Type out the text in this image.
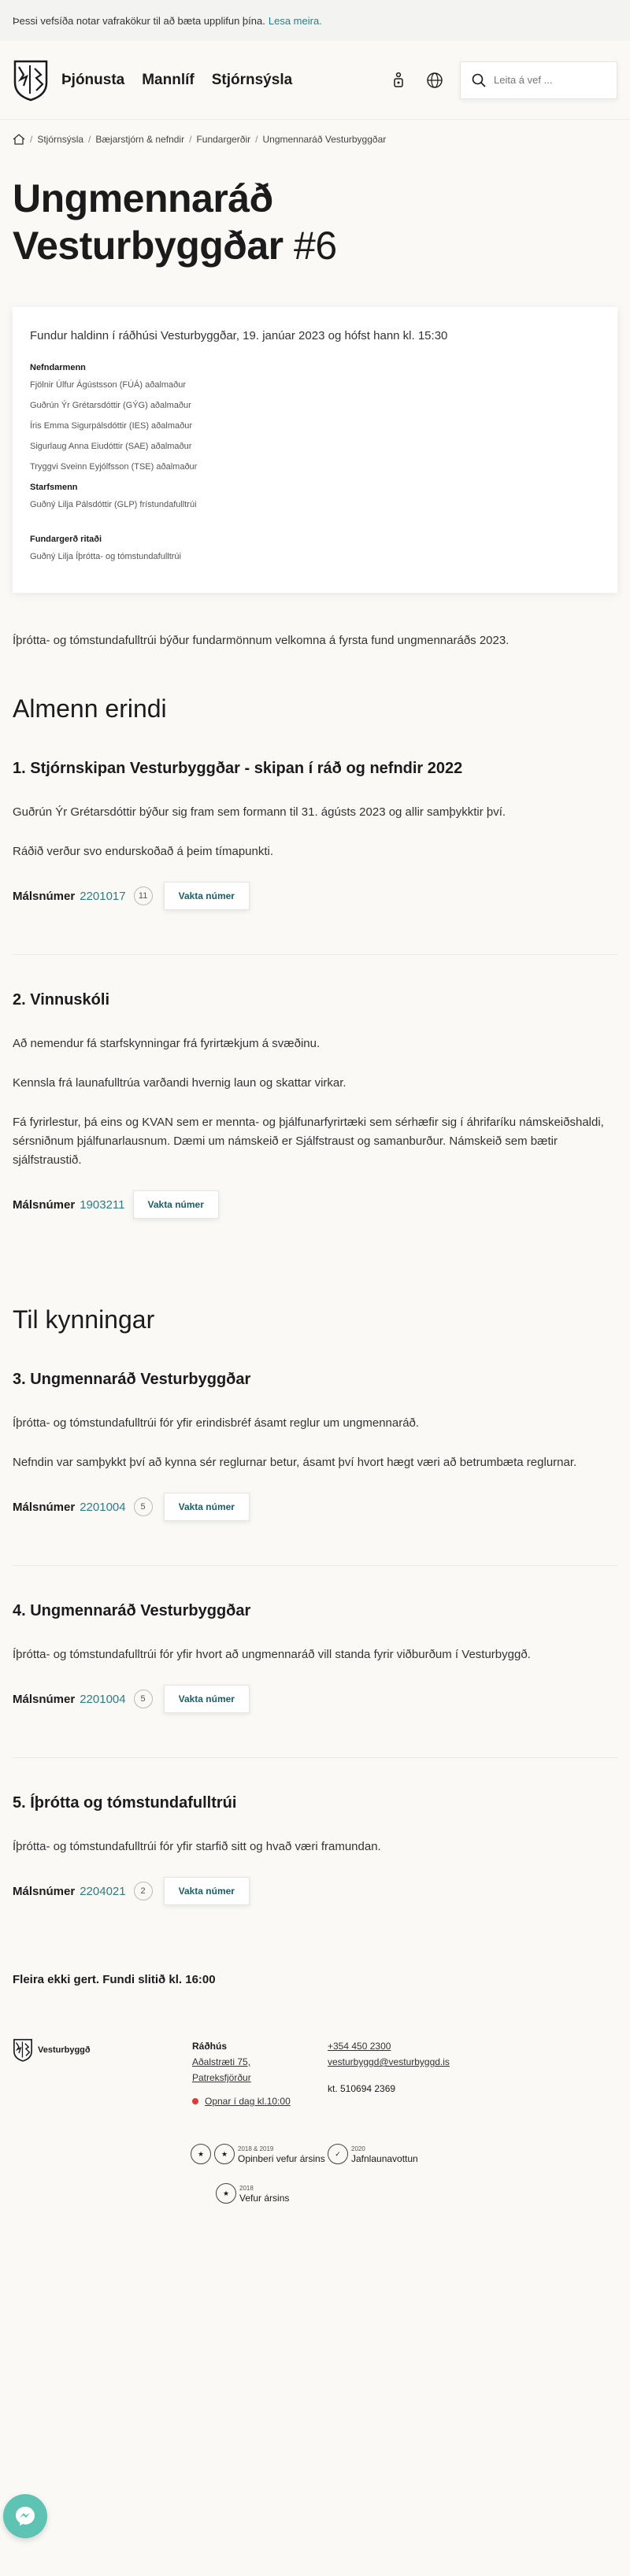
Þessi vefsíða notar vafrakökur til að bæta upplifun þína. Lesa meira.
Þjónusta Mannlíf Stjórnsýsla
Leita á vef ...
/ Stjórnsýsla / Bæjarstjórn & nefndir / Fundargerðir / Ungmennaráð Vesturbyggðar
Ungmennaráð
Vesturbyggðar #6
Fundur haldinn í ráðhúsi Vesturbyggðar, 19. janúar 2023 og hófst hann kl. 15:30
Nefndarmenn
Fjölnir Úlfur Ágústsson (FÚÁ) aðalmaður
Guðrún Ýr Grétarsdóttir (GÝG) aðalmaður
Íris Emma Sigurpálsdóttir (IES) aðalmaður
Sigurlaug Anna Eiudóttir (SAE) aðalmaður
Tryggvi Sveinn Eyjólfsson (TSE) aðalmaður
Starfsmenn
Guðný Lilja Pálsdóttir (GLP) frístundafulltrúi
Fundargerð ritaði
Guðný Lilja Íþrótta- og tómstundafulltrúi

Íþrótta- og tómstundafulltrúi býður fundarmönnum velkomna á fyrsta fund ungmennaráðs 2023.

Almenn erindi
1. Stjórnskipan Vesturbyggðar - skipan í ráð og nefndir 2022

Guðrún Ýr Grétarsdóttir býður sig fram sem formann til 31. ágústs 2023 og allir samþykktir því.

Ráðið verður svo endurskoðað á þeim tímapunkti.

Málsnúmer 2201017	11	Vakta númer
2. Vinnuskóli

Að nemendur fá starfskynningar frá fyrirtækjum á svæðinu.

Kennsla frá launafulltrúa varðandi hvernig laun og skattar virkar.

Fá fyrirlestur, þá eins og KVAN sem er mennta- og þjálfunarfyrirtæki sem sérhæfir sig í áhrifaríku námskeiðshaldi, sérsniðnum þjálfunarlausnum. Dæmi um námskeið er Sjálfstraust og samanburður. Námskeið sem bætir sjálfstraustið.

Málsnúmer 1903211	Vakta númer
Til kynningar
3. Ungmennaráð Vesturbyggðar

Íþrótta- og tómstundafulltrúi fór yfir erindisbréf ásamt reglur um ungmennaráð.

Nefndin var samþykkt því að kynna sér reglurnar betur, ásamt því hvort hægt væri að betrumbæta reglurnar.

Málsnúmer 2201004	5	Vakta númer
4. Ungmennaráð Vesturbyggðar

Íþrótta- og tómstundafulltrúi fór yfir hvort að ungmennaráð vill standa fyrir viðburðum í Vesturbyggð.

Málsnúmer 2201004	5	Vakta númer
5. Íþrótta og tómstundafulltrúi

Íþrótta- og tómstundafulltrúi fór yfir starfið sitt og hvað væri framundan.

Málsnúmer 2204021	2	Vakta númer

Fleira ekki gert. Fundi slitið kl. 16:00

Vesturbyggð	Ráðhús
Aðalstræti 75,
Patreksfjörður
Opnar í dag kl.10:00
+354 450 2300
vesturbyggd@vesturbyggd.is
kt. 510694 2369
★	★
2018 & 2019
Opinberi vefur ársins	✓
2020
Jafnlaunavottun
★
2018
Vefur ársins
